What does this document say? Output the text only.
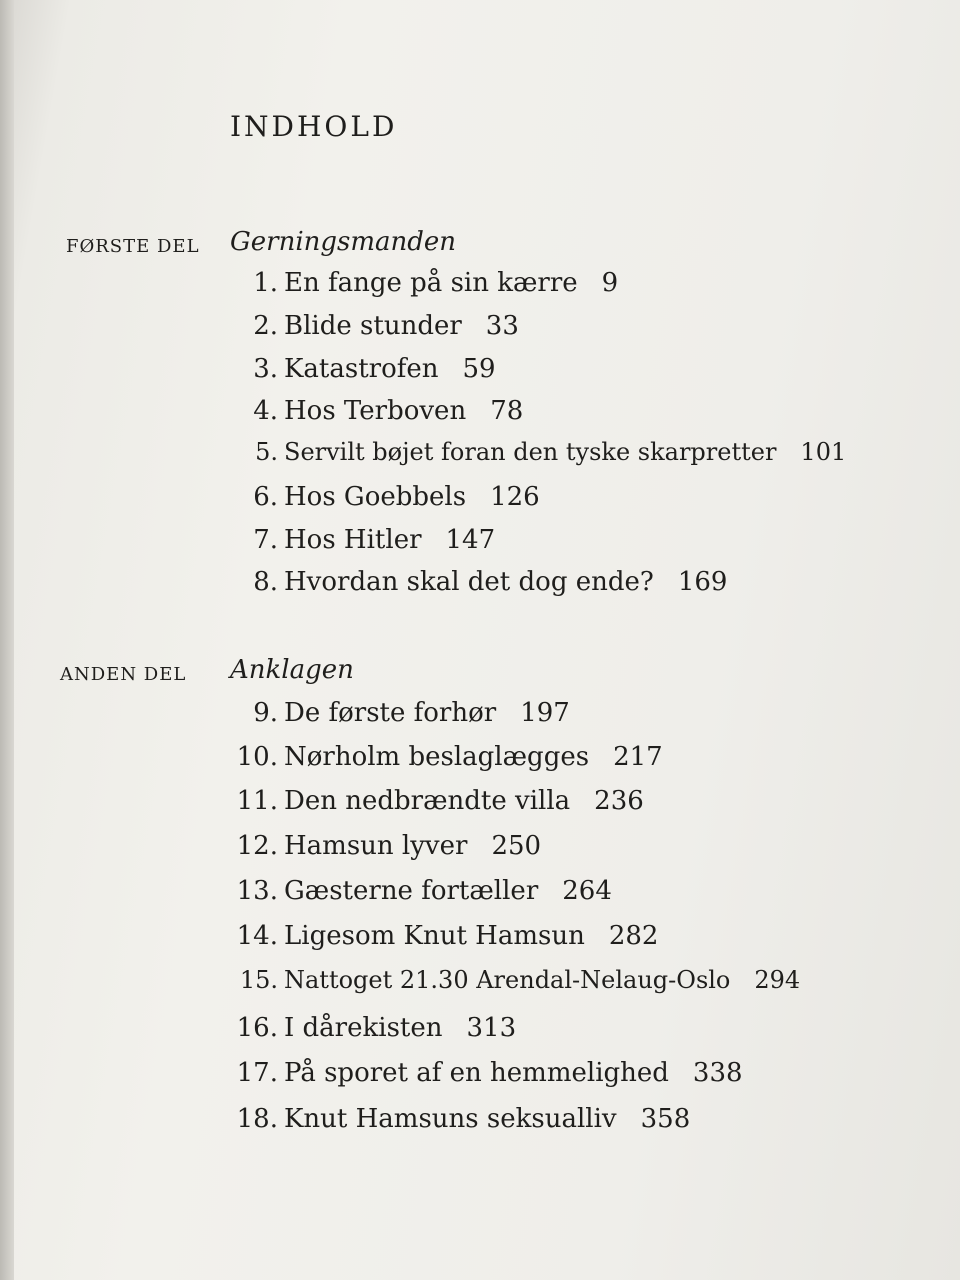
INDHOLD
FØRSTE DEL Gerningsmanden
1. En fange på sin kærre 9
2. Blide stunder 33
3. Katastrofen 59
4. Hos Terboven 78
5. Servilt bøjet foran den tyske skarpretter 101
6. Hos Goebbels 126
7. Hos Hitler 147
8. Hvordan skal det dog ende? 169
ANDEN DEL Anklagen
9. De første forhør 197
10. Nørholm beslaglægges 217
11. Den nedbrændte villa 236
12. Hamsun lyver 250
13. Gæsterne fortæller 264
14. Ligesom Knut Hamsun 282
15. Nattoget 21.30 Arendal-Nelaug-Oslo 294
16. I dårekisten 313
17. På sporet af en hemmelighed 338
18. Knut Hamsuns seksualliv 358
